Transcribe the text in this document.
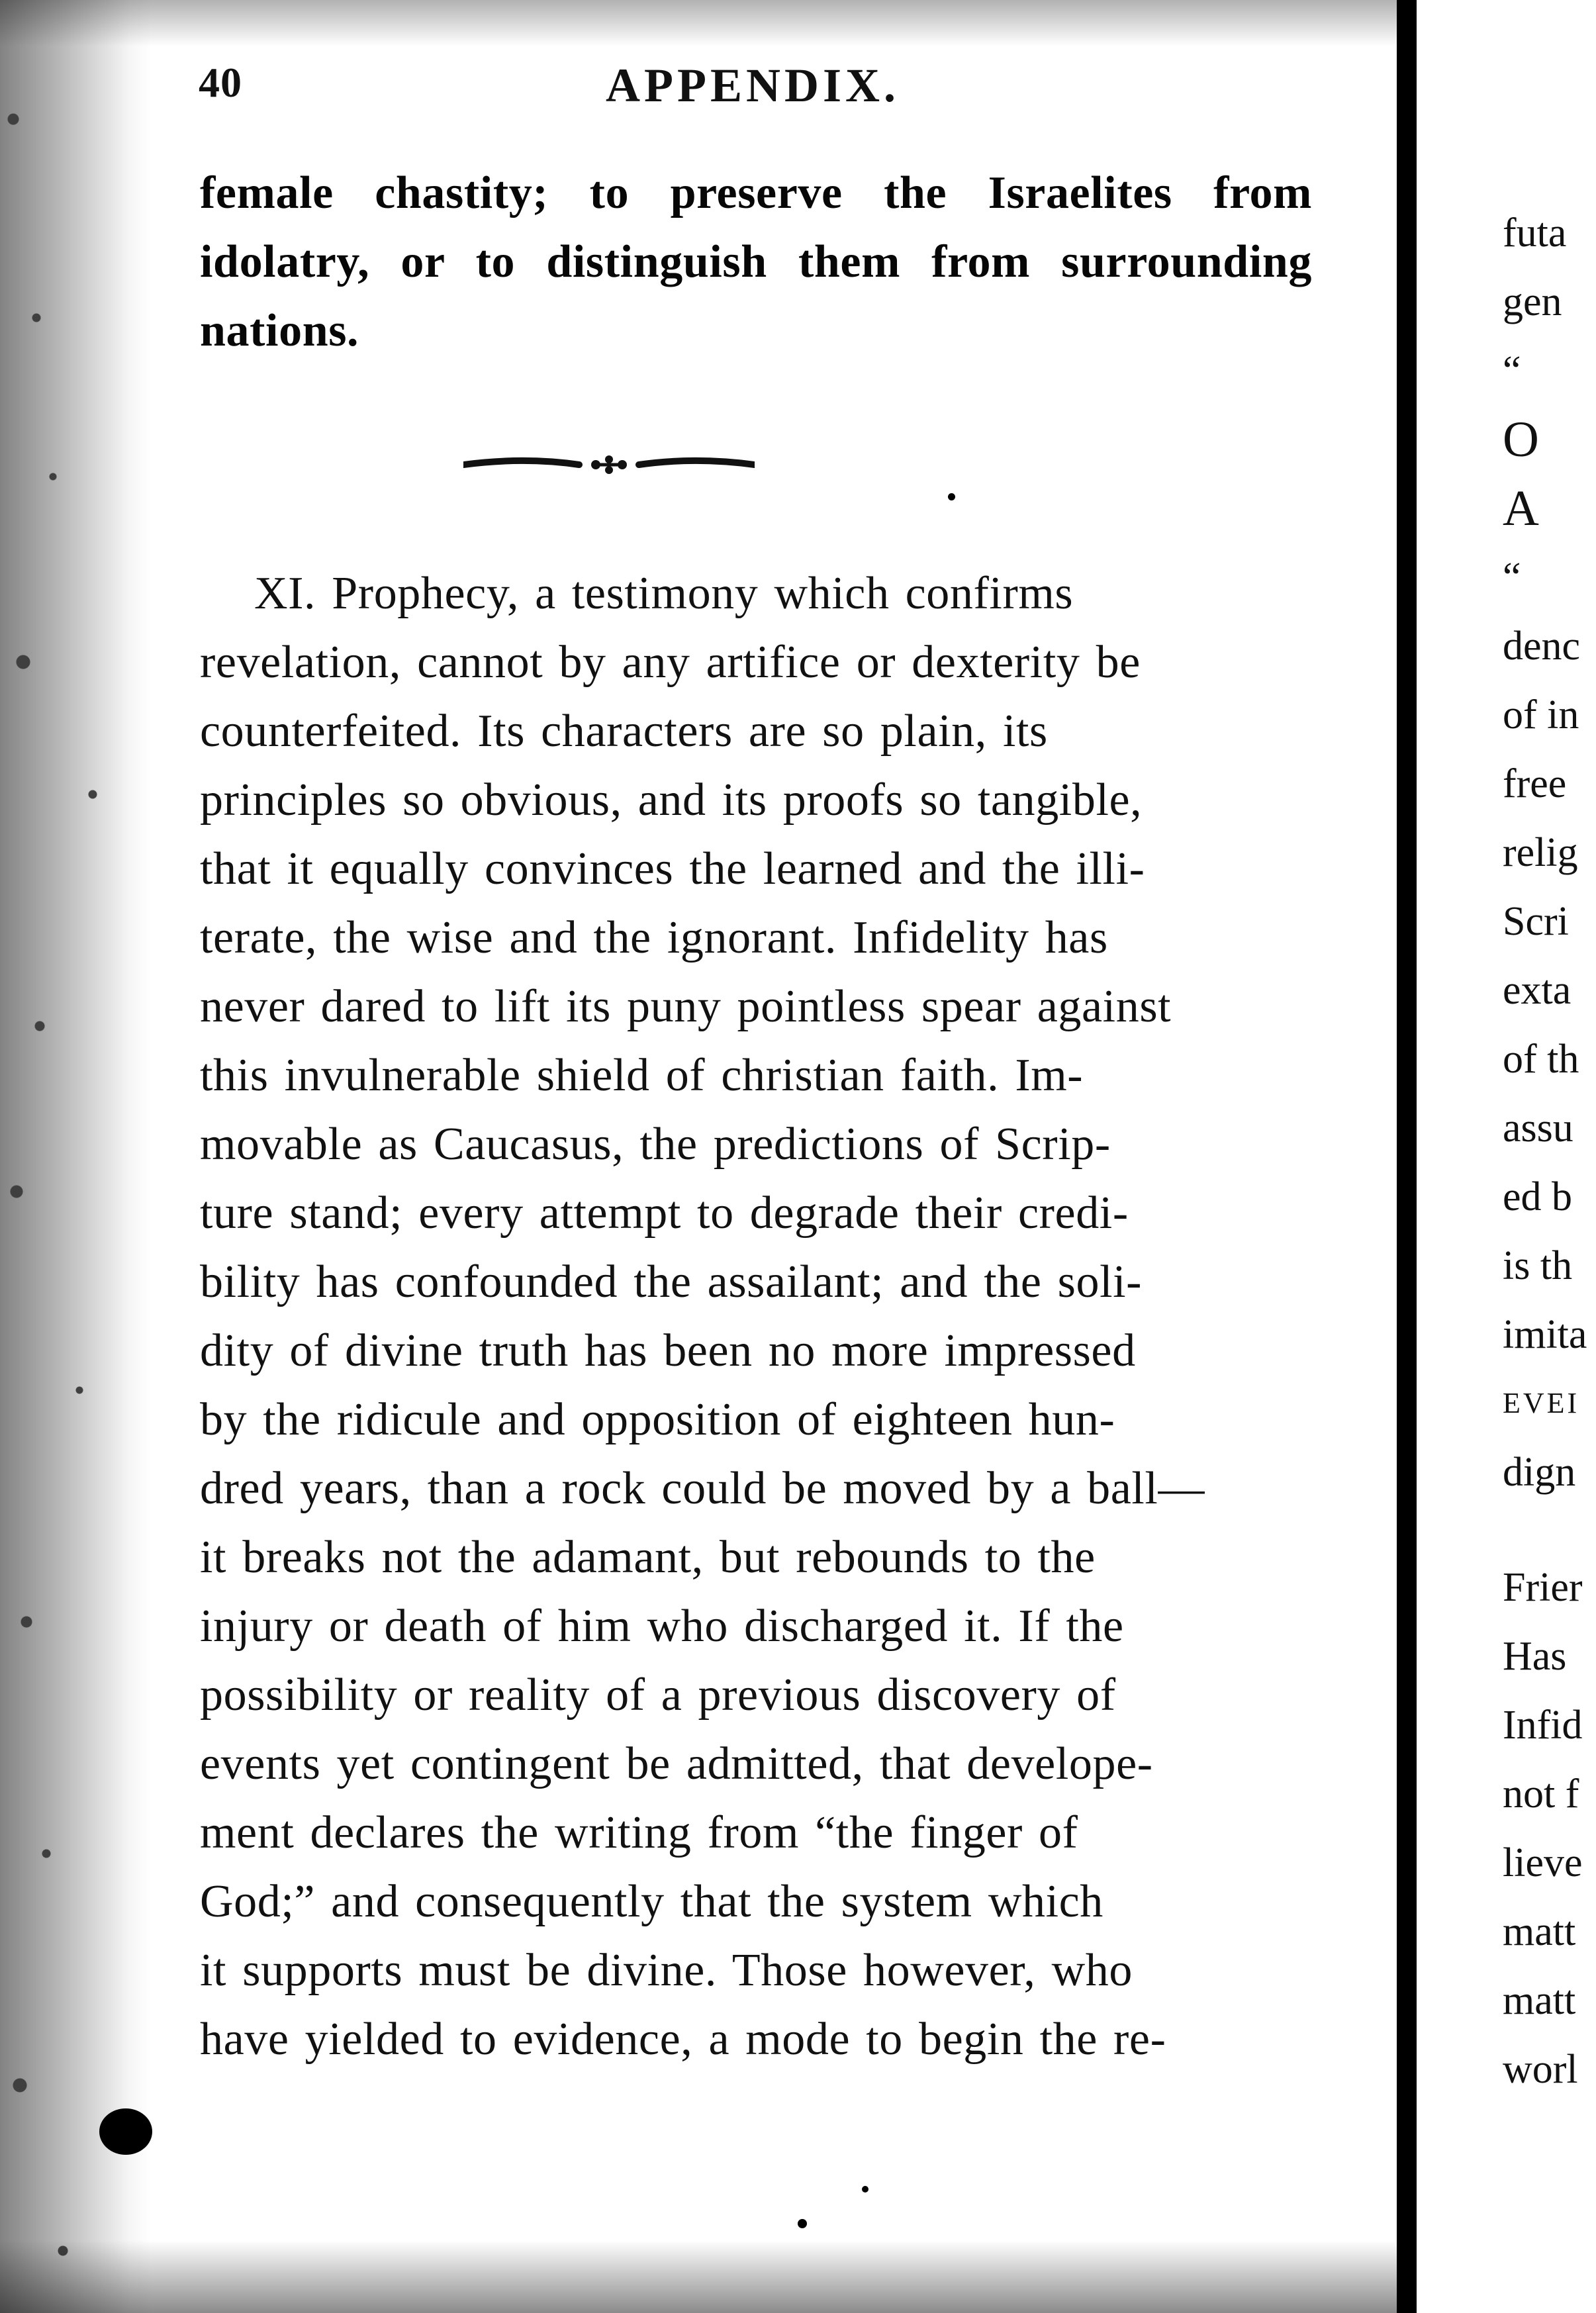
40	APPENDIX.
female chastity; to preserve the Israelites from idolatry, or to distinguish them from surrounding nations.
XI. Prophecy, a testimony which confirms
revelation, cannot by any artifice or dexterity be
counterfeited. Its characters are so plain, its
principles so obvious, and its proofs so tangible,
that it equally convinces the learned and the illi-
terate, the wise and the ignorant. Infidelity has
never dared to lift its puny pointless spear against
this invulnerable shield of christian faith. Im-
movable as Caucasus, the predictions of Scrip-
ture stand; every attempt to degrade their credi-
bility has confounded the assailant; and the soli-
dity of divine truth has been no more impressed
by the ridicule and opposition of eighteen hun-
dred years, than a rock could be moved by a ball—
it breaks not the adamant, but rebounds to the
injury or death of him who discharged it. If the
possibility or reality of a previous discovery of
events yet contingent be admitted, that develope-
ment declares the writing from “the finger of
God;” and consequently that the system which
it supports must be divine. Those however, who
have yielded to evidence, a mode to begin the re-
futa
gen
“
O
A
“
denc
of in
free
relig
Scri
exta
of th
assu
ed b
is th
imita
EVEI
dign
Frier
Has
Infid
not f
lieve
matt
matt
worl
